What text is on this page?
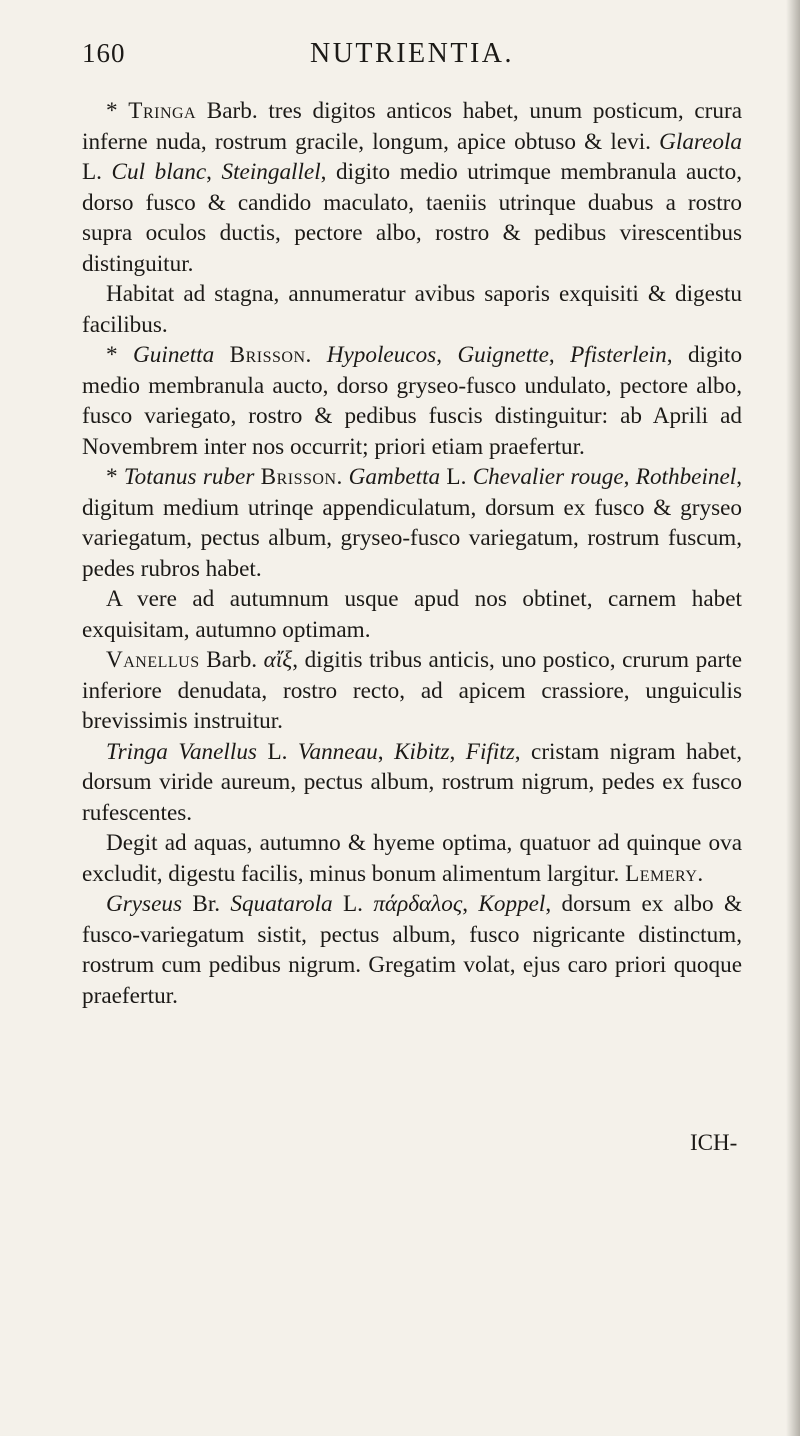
160	NUTRIENTIA.

* Tringa Barb. tres digitos anticos habet, unum posticum, crura inferne nuda, rostrum gracile, longum, apice obtuso & levi. Glareola L. Cul blanc, Steingallel, digito medio utrimque membranula aucto, dorso fusco & candido maculato, taeniis utrinque duabus a rostro supra oculos ductis, pectore albo, rostro & pedibus virescentibus distinguitur.

Habitat ad stagna, annumeratur avibus saporis exquisiti & digestu facilibus.

* Guinetta Brisson. Hypoleucos, Guignette, Pfisterlein, digito medio membranula aucto, dorso gryseo-fusco undulato, pectore albo, fusco variegato, rostro & pedibus fuscis distinguitur: ab Aprili ad Novembrem inter nos occurrit; priori etiam praefertur.

* Totanus ruber Brisson. Gambetta L. Chevalier rouge, Rothbeinel, digitum medium utrinqe appendiculatum, dorsum ex fusco & gryseo variegatum, pectus album, gryseo-fusco variegatum, rostrum fuscum, pedes rubros habet.

A vere ad autumnum usque apud nos obtinet, carnem habet exquisitam, autumno optimam.

Vanellus Barb. αἴξ, digitis tribus anticis, uno postico, crurum parte inferiore denudata, rostro recto, ad apicem crassiore, unguiculis brevissimis instruitur.

Tringa Vanellus L. Vanneau, Kibitz, Fifitz, cristam nigram habet, dorsum viride aureum, pectus album, rostrum nigrum, pedes ex fusco rufescentes.

Degit ad aquas, autumno & hyeme optima, quatuor ad quinque ova excludit, digestu facilis, minus bonum alimentum largitur. Lemery.

Gryseus Br. Squatarola L. πάρδαλος, Koppel, dorsum ex albo & fusco-variegatum sistit, pectus album, fusco nigricante distinctum, rostrum cum pedibus nigrum. Gregatim volat, ejus caro priori quoque praefertur.

ICH-
